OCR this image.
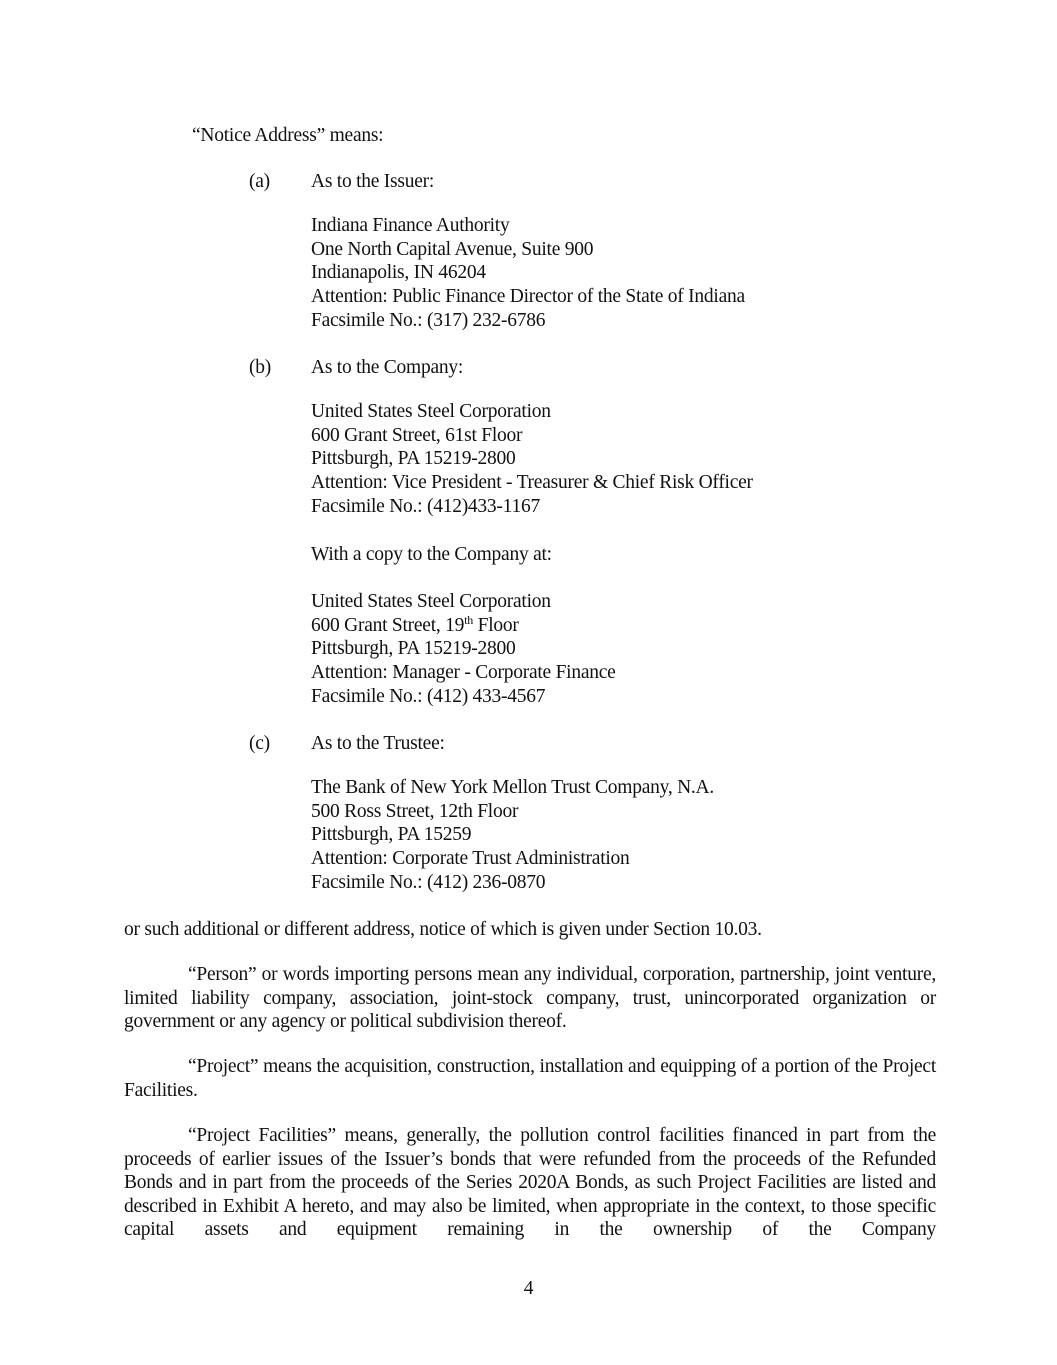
“Notice Address” means:
(a) As to the Issuer:
Indiana Finance Authority
One North Capital Avenue, Suite 900
Indianapolis, IN 46204
Attention: Public Finance Director of the State of Indiana
Facsimile No.: (317) 232-6786
(b) As to the Company:
United States Steel Corporation
600 Grant Street, 61st Floor
Pittsburgh, PA 15219-2800
Attention: Vice President - Treasurer & Chief Risk Officer
Facsimile No.: (412)433-1167
With a copy to the Company at:
United States Steel Corporation
600 Grant Street, 19th Floor
Pittsburgh, PA 15219-2800
Attention: Manager - Corporate Finance
Facsimile No.: (412) 433-4567
(c) As to the Trustee:
The Bank of New York Mellon Trust Company, N.A.
500 Ross Street, 12th Floor
Pittsburgh, PA 15259
Attention: Corporate Trust Administration
Facsimile No.: (412) 236-0870
or such additional or different address, notice of which is given under Section 10.03.
“Person” or words importing persons mean any individual, corporation, partnership, joint venture, limited liability company, association, joint-stock company, trust, unincorporated organization or government or any agency or political subdivision thereof.
“Project” means the acquisition, construction, installation and equipping of a portion of the Project Facilities.
“Project Facilities” means, generally, the pollution control facilities financed in part from the proceeds of earlier issues of the Issuer’s bonds that were refunded from the proceeds of the Refunded Bonds and in part from the proceeds of the Series 2020A Bonds, as such Project Facilities are listed and described in Exhibit A hereto, and may also be limited, when appropriate in the context, to those specific capital assets and equipment remaining in the ownership of the Company
4
